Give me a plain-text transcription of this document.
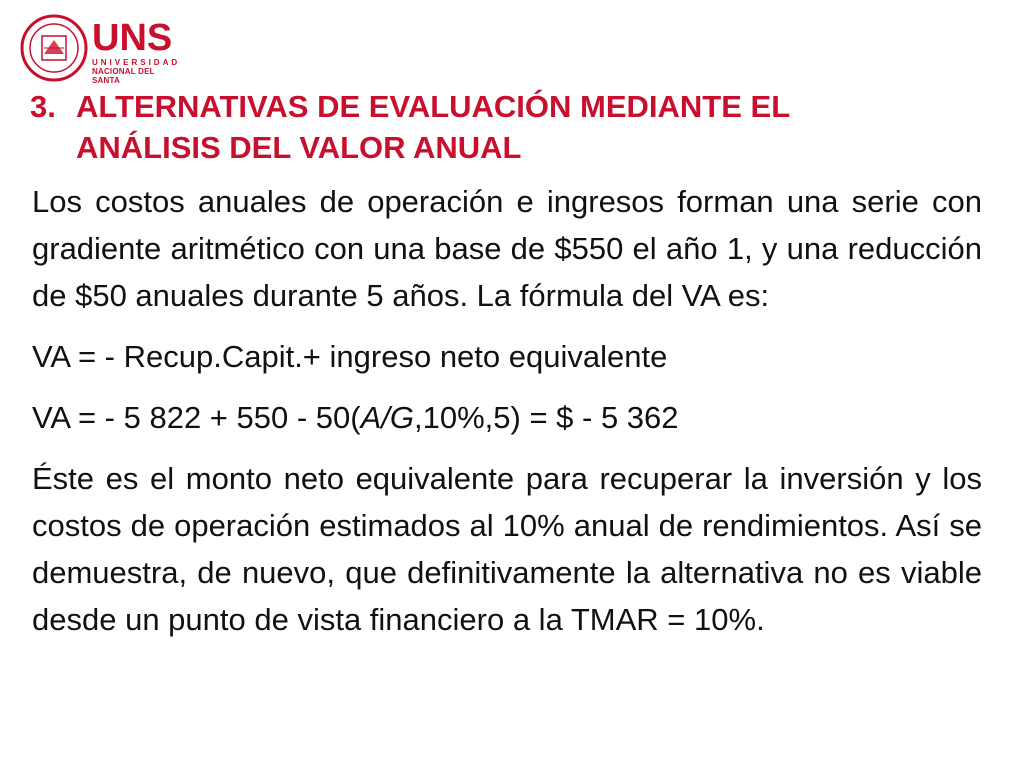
UNS
UNIVERSIDAD
NACIONAL DEL SANTA
3. ALTERNATIVAS DE EVALUACIÓN MEDIANTE EL
ANÁLISIS DEL VALOR ANUAL

Los costos anuales de operación e ingresos forman una serie con gradiente aritmético con una base de $550 el año 1, y una reducción de $50 anuales durante 5 años. La fórmula del VA es:

VA = - Recup.Capit.+ ingreso neto equivalente

VA = - 5 822 + 550 - 50(A/G,10%,5) = $ - 5 362

Éste es el monto neto equivalente para recuperar la inversión y los costos de operación estimados al 10% anual de rendimientos. Así se demuestra, de nuevo, que definitivamente la alternativa no es viable desde un punto de vista financiero a la TMAR = 10%.
